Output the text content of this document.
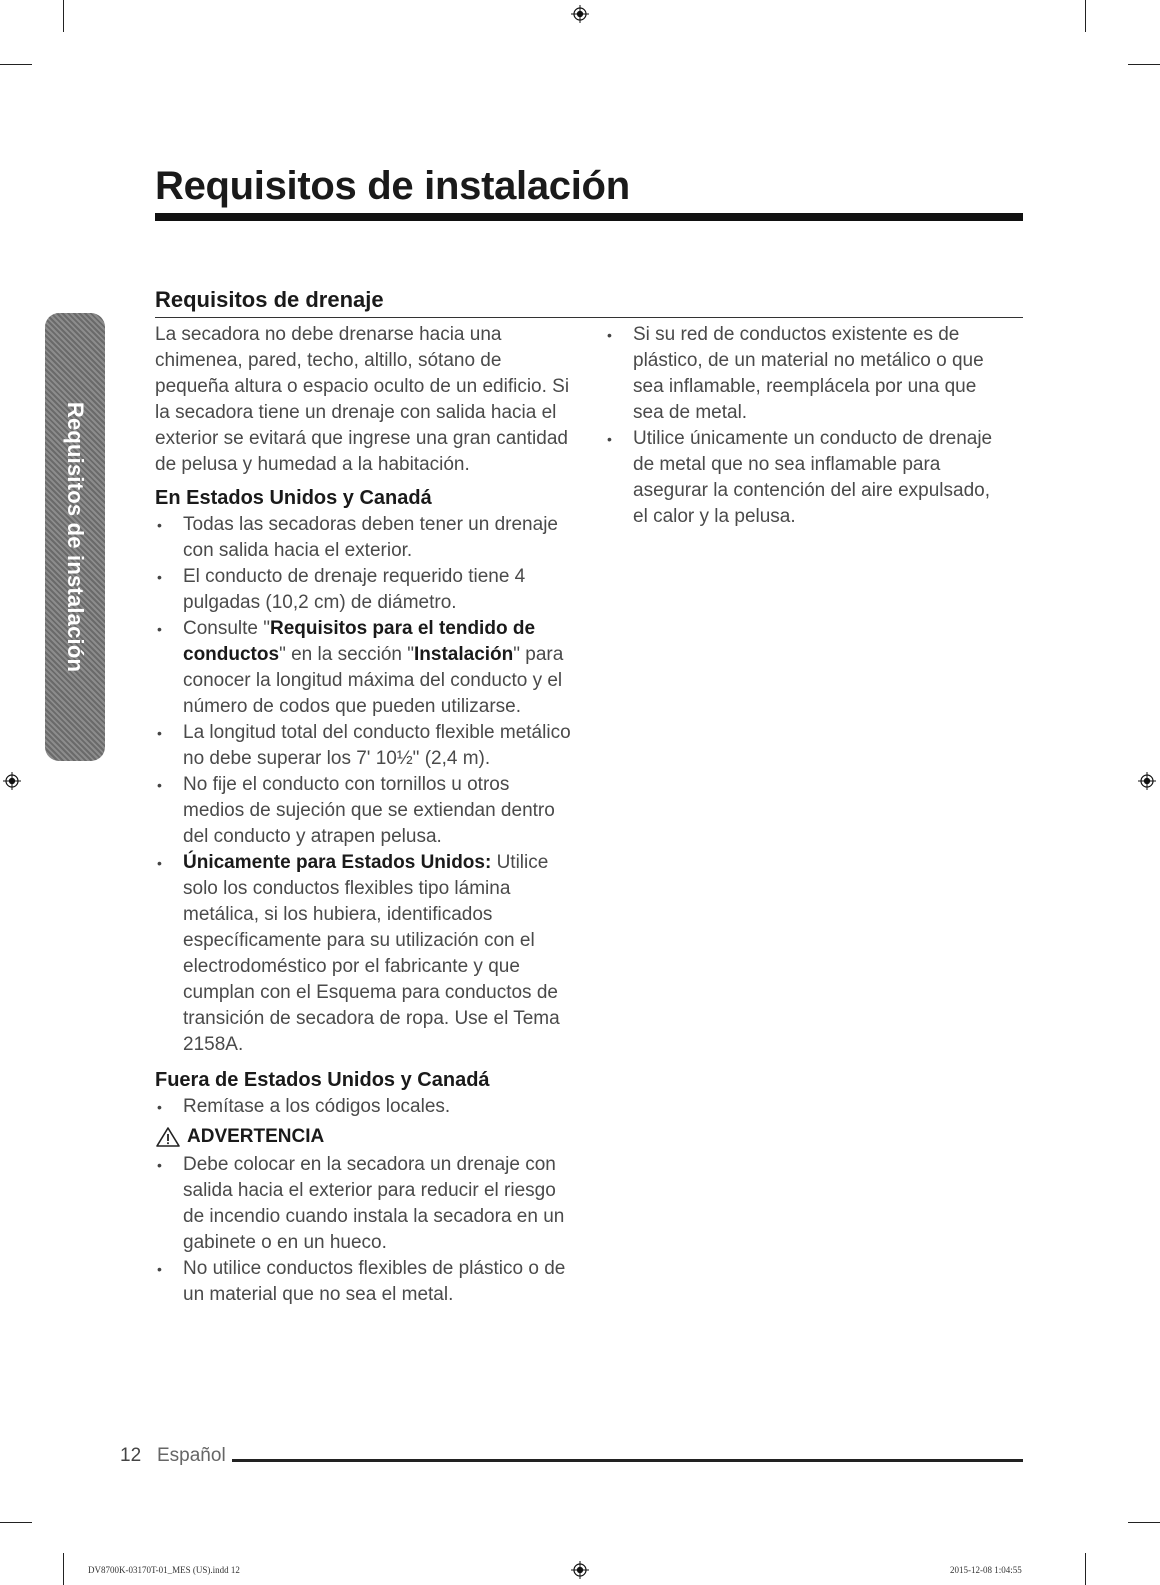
Requisitos de instalación
Requisitos de instalación
Requisitos de drenaje

La secadora no debe drenarse hacia una chimenea, pared, techo, altillo, sótano de pequeña altura o espacio oculto de un edificio. Si la secadora tiene un drenaje con salida hacia el exterior se evitará que ingrese una gran cantidad de pelusa y humedad a la habitación.

En Estados Unidos y Canadá

• Todas las secadoras deben tener un drenaje con salida hacia el exterior.
• El conducto de drenaje requerido tiene 4 pulgadas (10,2 cm) de diámetro.
• Consulte "Requisitos para el tendido de conductos" en la sección "Instalación" para conocer la longitud máxima del conducto y el número de codos que pueden utilizarse.
• La longitud total del conducto flexible metálico no debe superar los 7' 10½" (2,4 m).
• No fije el conducto con tornillos u otros medios de sujeción que se extiendan dentro del conducto y atrapen pelusa.
• Únicamente para Estados Unidos: Utilice solo los conductos flexibles tipo lámina metálica, si los hubiera, identificados específicamente para su utilización con el electrodoméstico por el fabricante y que cumplan con el Esquema para conductos de transición de secadora de ropa. Use el Tema 2158A.

Fuera de Estados Unidos y Canadá

• Remítase a los códigos locales.
ADVERTENCIA
• Debe colocar en la secadora un drenaje con salida hacia el exterior para reducir el riesgo de incendio cuando instala la secadora en un gabinete o en un hueco.
• No utilice conductos flexibles de plástico o de un material que no sea el metal.
• Si su red de conductos existente es de plástico, de un material no metálico o que sea inflamable, reemplácela por una que sea de metal.
• Utilice únicamente un conducto de drenaje de metal que no sea inflamable para asegurar la contención del aire expulsado, el calor y la pelusa.
12 Español
DV8700K-03170T-01_MES (US).indd 12	2015-12-08 1:04:55
